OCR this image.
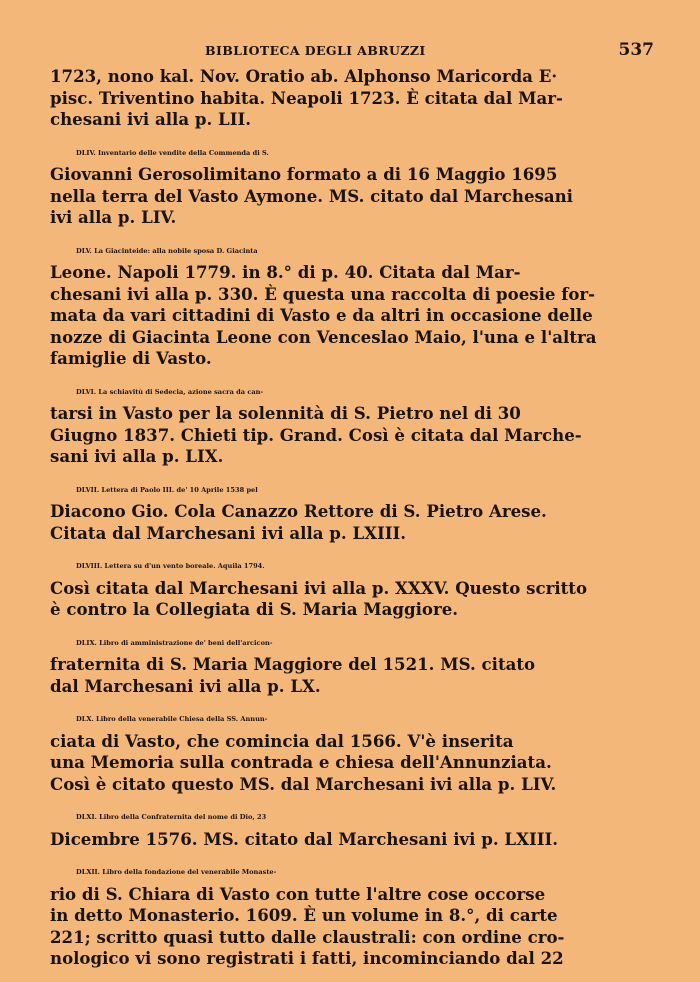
BIBLIOTECA DEGLI ABRUZZI	537
1723, nono kal. Nov. Oratio ab. Alphonso Maricorda E·
pisc. Triventino habita. Neapoli 1723. È citata dal Mar-
chesani ivi alla p. LII.
DLIV. Inventario delle vendite della Commenda di S.
Giovanni Gerosolimitano formato a di 16 Maggio 1695
nella terra del Vasto Aymone. MS. citato dal Marchesani
ivi alla p. LIV.
DLV. La Giacinteide: alla nobile sposa D. Giacinta
Leone. Napoli 1779. in 8.° di p. 40. Citata dal Mar-
chesani ivi alla p. 330. È questa una raccolta di poesie for-
mata da vari cittadini di Vasto e da altri in occasione delle
nozze di Giacinta Leone con Venceslao Maio, l'una e l'altra
famiglie di Vasto.
DLVI. La schiavitù di Sedecia, azione sacra da can-
tarsi in Vasto per la solennità di S. Pietro nel di 30
Giugno 1837. Chieti tip. Grand. Così è citata dal Marche-
sani ivi alla p. LIX.
DLVII. Lettera di Paolo III. de' 10 Aprile 1538 pel
Diacono Gio. Cola Canazzo Rettore di S. Pietro Arese.
Citata dal Marchesani ivi alla p. LXIII.
DLVIII. Lettera su d'un vento boreale. Aquila 1794.
Così citata dal Marchesani ivi alla p. XXXV. Questo scritto
è contro la Collegiata di S. Maria Maggiore.
DLIX. Libro di amministrazione de' beni dell'arcicon-
fraternita di S. Maria Maggiore del 1521. MS. citato
dal Marchesani ivi alla p. LX.
DLX. Libro della venerabile Chiesa della SS. Annun-
ciata di Vasto, che comincia dal 1566. V'è inserita
una Memoria sulla contrada e chiesa dell'Annunziata.
Così è citato questo MS. dal Marchesani ivi alla p. LIV.
DLXI. Libro della Confraternita del nome di Dio, 23
Dicembre 1576. MS. citato dal Marchesani ivi p. LXIII.
DLXII. Libro della fondazione del venerabile Monaste-
rio di S. Chiara di Vasto con tutte l'altre cose occorse
in detto Monasterio. 1609. È un volume in 8.°, di carte
221; scritto quasi tutto dalle claustrali: con ordine cro-
nologico vi sono registrati i fatti, incominciando dal 22
